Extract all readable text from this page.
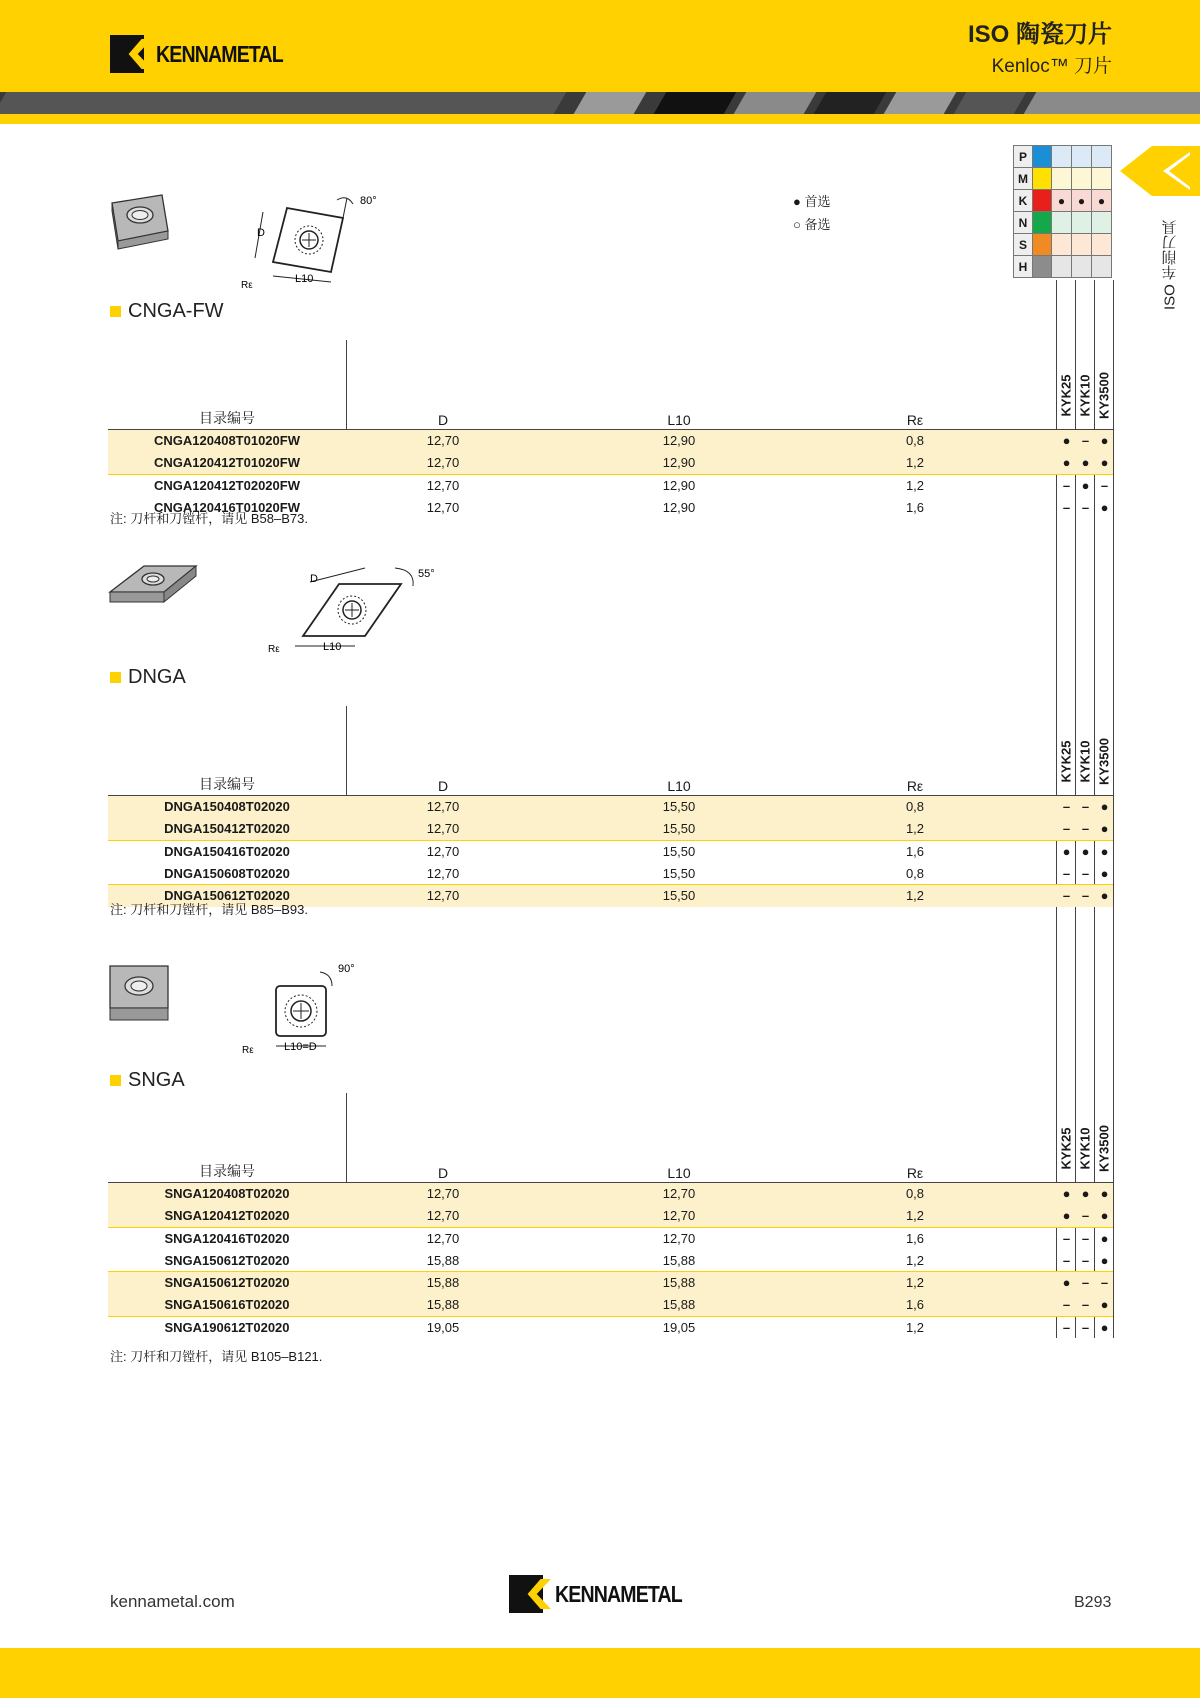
KENNAMETAL
ISO 陶瓷刀片
Kenloc™ 刀片
ISO 车削刀具
P				
M				
K		●	●	●
N				
S				
H				
● 首选
○ 备选
80°
D
L10
Rε
CNGA-FW
目录编号	D	L10	Rε
KYK25 KYK10 KY3500
CNGA120408T01020FW	12,70	12,90	0,8	● – ●
CNGA120412T01020FW	12,70	12,90	1,2	● ● ●
CNGA120412T02020FW	12,70	12,90	1,2	– ● –
CNGA120416T01020FW	12,70	12,90	1,6	– – ●
注: 刀杆和刀镗杆，请见 B58–B73.
55°
D
L10
Rε
DNGA
目录编号	D	L10	Rε
KYK25 KYK10 KY3500
DNGA150408T02020	12,70	15,50	0,8	– – ●
DNGA150412T02020	12,70	15,50	1,2	– – ●
DNGA150416T02020	12,70	15,50	1,6	● ● ●
DNGA150608T02020	12,70	15,50	0,8	– – ●
DNGA150612T02020	12,70	15,50	1,2	– – ●
注: 刀杆和刀镗杆，请见 B85–B93.
90°
L10=D
Rε
SNGA
目录编号	D	L10	Rε
KYK25 KYK10 KY3500
SNGA120408T02020	12,70	12,70	0,8	● ● ●
SNGA120412T02020	12,70	12,70	1,2	● – ●
SNGA120416T02020	12,70	12,70	1,6	– – ●
SNGA150612T02020	15,88	15,88	1,2	– – ●
SNGA150612T02020	15,88	15,88	1,2	● – –
SNGA150616T02020	15,88	15,88	1,6	– – ●
SNGA190612T02020	19,05	19,05	1,2	– – ●
注: 刀杆和刀镗杆，请见 B105–B121.
kennametal.com	KENNAMETAL	B293
